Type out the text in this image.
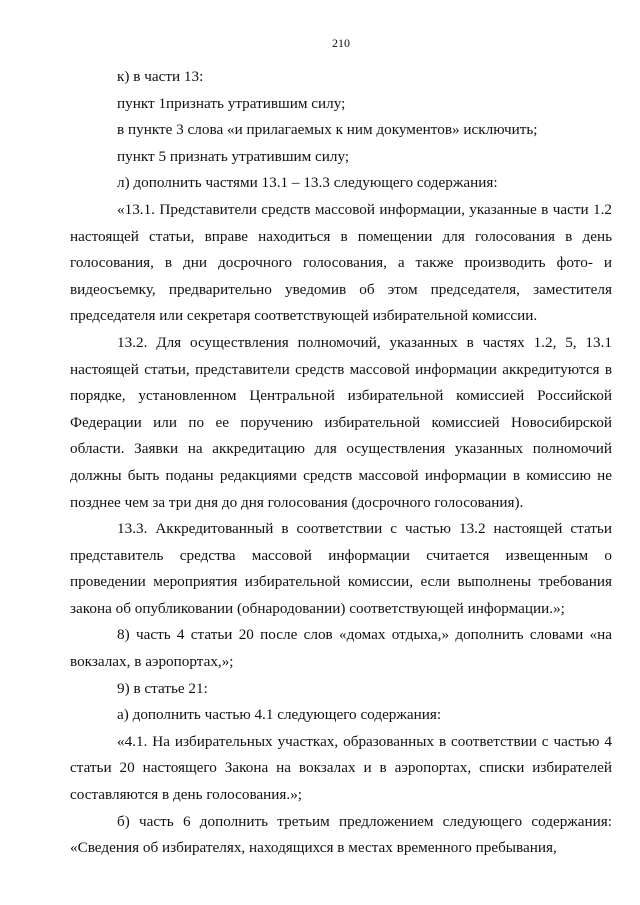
210

к) в части 13:

пункт 1признать утратившим силу;

в пункте 3 слова «и прилагаемых к ним документов» исключить;

пункт 5 признать утратившим силу;

л) дополнить частями 13.1 – 13.3 следующего содержания:

«13.1. Представители средств массовой информации, указанные в части 1.2 настоящей статьи, вправе находиться в помещении для голосования в день голосования, в дни досрочного голосования, а также производить фото- и видеосъемку, предварительно уведомив об этом председателя, заместителя председателя или секретаря соответствующей избирательной комиссии.

13.2. Для осуществления полномочий, указанных в частях 1.2, 5, 13.1 настоящей статьи, представители средств массовой информации аккредитуются в порядке, установленном Центральной избирательной комиссией Российской Федерации или по ее поручению избирательной комиссией Новосибирской области. Заявки на аккредитацию для осуществления указанных полномочий должны быть поданы редакциями средств массовой информации в комиссию не позднее чем за три дня до дня голосования (досрочного голосования).

13.3. Аккредитованный в соответствии с частью 13.2 настоящей статьи представитель средства массовой информации считается извещенным о проведении мероприятия избирательной комиссии, если выполнены требования закона об опубликовании (обнародовании) соответствующей информации.»;

8) часть 4 статьи 20 после слов «домах отдыха,» дополнить словами «на вокзалах, в аэропортах,»;

9) в статье 21:

а) дополнить частью 4.1 следующего содержания:

«4.1. На избирательных участках, образованных в соответствии с частью 4 статьи 20 настоящего Закона на вокзалах и в аэропортах, списки избирателей составляются в день голосования.»;

б) часть 6 дополнить третьим предложением следующего содержания: «Сведения об избирателях, находящихся в местах временного пребывания,
